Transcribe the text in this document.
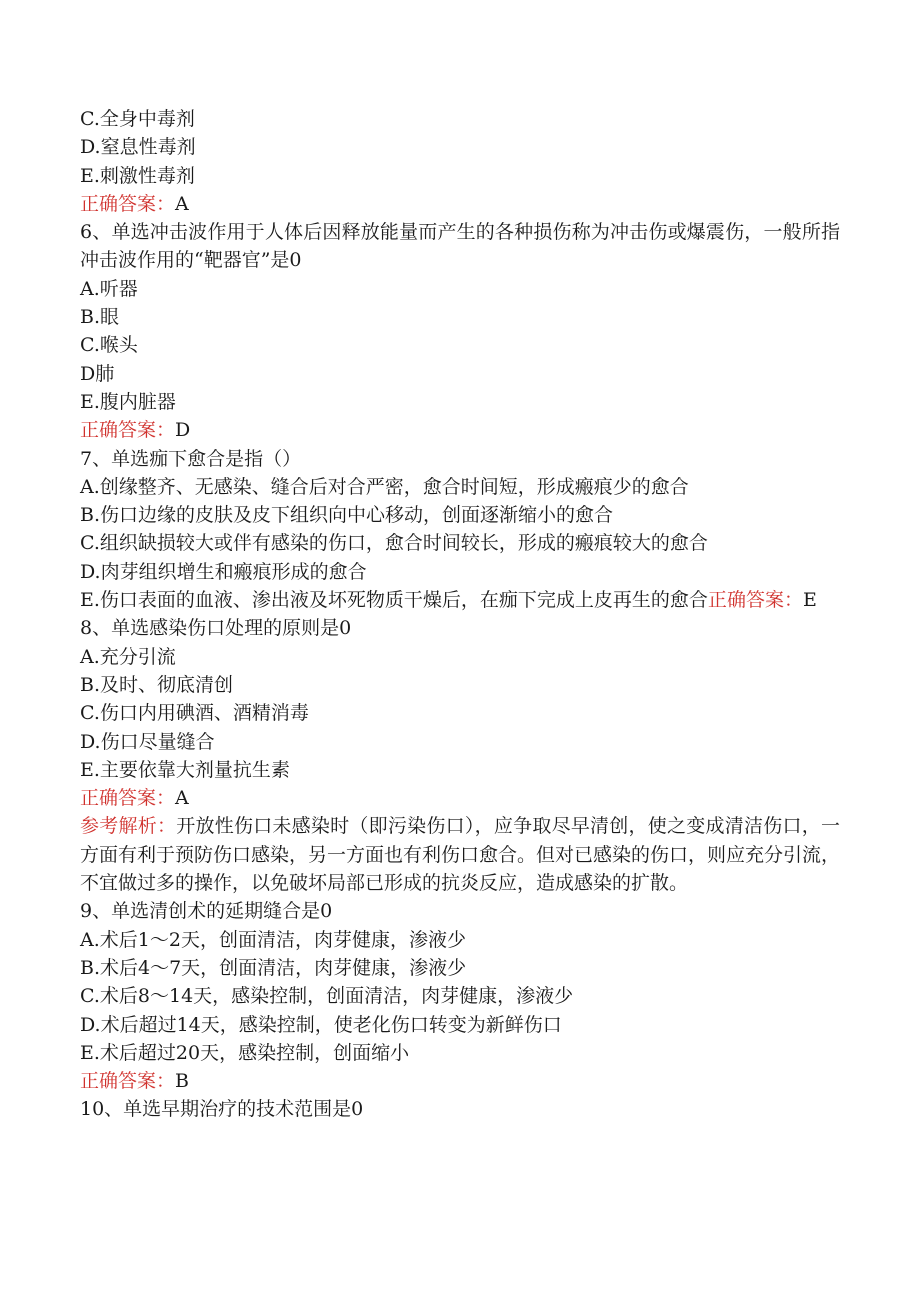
C.全身中毒剂
D.窒息性毒剂
E.刺激性毒剂
正确答案：A
6、单选冲击波作用于人体后因释放能量而产生的各种损伤称为冲击伤或爆震伤，一般所指冲击波作用的“靶器官”是0
A.听器
B.眼
C.喉头
D肺
E.腹内脏器
正确答案：D
7、单选痂下愈合是指（）
A.创缘整齐、无感染、缝合后对合严密，愈合时间短，形成瘢痕少的愈合
B.伤口边缘的皮肤及皮下组织向中心移动，创面逐渐缩小的愈合
C.组织缺损较大或伴有感染的伤口，愈合时间较长，形成的瘢痕较大的愈合
D.肉芽组织增生和瘢痕形成的愈合
E.伤口表面的血液、渗出液及坏死物质干燥后，在痂下完成上皮再生的愈合正确答案：E
8、单选感染伤口处理的原则是0
A.充分引流
B.及时、彻底清创
C.伤口内用碘酒、酒精消毒
D.伤口尽量缝合
E.主要依靠大剂量抗生素
正确答案：A
参考解析：开放性伤口未感染时（即污染伤口），应争取尽早清创，使之变成清洁伤口，一方面有利于预防伤口感染，另一方面也有利伤口愈合。但对已感染的伤口，则应充分引流，不宜做过多的操作，以免破坏局部已形成的抗炎反应，造成感染的扩散。
9、单选清创术的延期缝合是0
A.术后1～2天，创面清洁，肉芽健康，渗液少
B.术后4～7天，创面清洁，肉芽健康，渗液少
C.术后8～14天，感染控制，创面清洁，肉芽健康，渗液少
D.术后超过14天，感染控制，使老化伤口转变为新鲜伤口
E.术后超过20天，感染控制，创面缩小
正确答案：B
10、单选早期治疗的技术范围是0
